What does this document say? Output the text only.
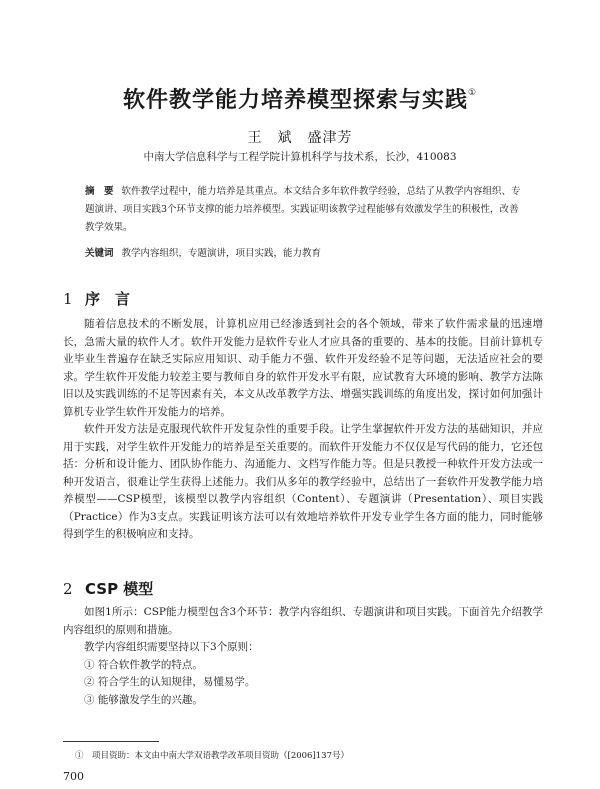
软件教学能力培养模型探索与实践①
王　斌　盛津芳
中南大学信息科学与工程学院计算机科学与技术系，长沙，410083
摘　要 软件教学过程中，能力培养是其重点。本文结合多年软件教学经验，总结了从教学内容组织、专题演讲、项目实践3个环节支撑的能力培养模型。实践证明该教学过程能够有效激发学生的积极性，改善教学效果。
关键词 教学内容组织，专题演讲，项目实践，能力教育
1 序　言

随着信息技术的不断发展，计算机应用已经渗透到社会的各个领域，带来了软件需求量的迅速增长，急需大量的软件人才。软件开发能力是软件专业人才应具备的重要的、基本的技能。目前计算机专业毕业生普遍存在缺乏实际应用知识、动手能力不强、软件开发经验不足等问题，无法适应社会的要求。学生软件开发能力较差主要与教师自身的软件开发水平有限，应试教育大环境的影响、教学方法陈旧以及实践训练的不足等因素有关，本文从改革教学方法、增强实践训练的角度出发，探讨如何加强计算机专业学生软件开发能力的培养。

软件开发方法是克服现代软件开发复杂性的重要手段。让学生掌握软件开发方法的基础知识，并应用于实践，对学生软件开发能力的培养是至关重要的。而软件开发能力不仅仅是写代码的能力，它还包括：分析和设计能力、团队协作能力、沟通能力、文档写作能力等。但是只教授一种软件开发方法或一种开发语言，很难让学生获得上述能力。我们从多年的教学经验中，总结出了一套软件开发教学能力培养模型——CSP模型，该模型以教学内容组织（Content）、专题演讲（Presentation）、项目实践（Practice）作为3支点。实践证明该方法可以有效地培养软件开发专业学生各方面的能力，同时能够得到学生的积极响应和支持。

2 CSP 模型

如图1所示：CSP能力模型包含3个环节：教学内容组织、专题演讲和项目实践。下面首先介绍教学内容组织的原则和措施。

教学内容组织需要坚持以下3个原则：

① 符合软件教学的特点。

② 符合学生的认知规律，易懂易学。

③ 能够激发学生的兴趣。

①　项目资助：本文由中南大学双语教学改革项目资助（[2006]137号）
700
